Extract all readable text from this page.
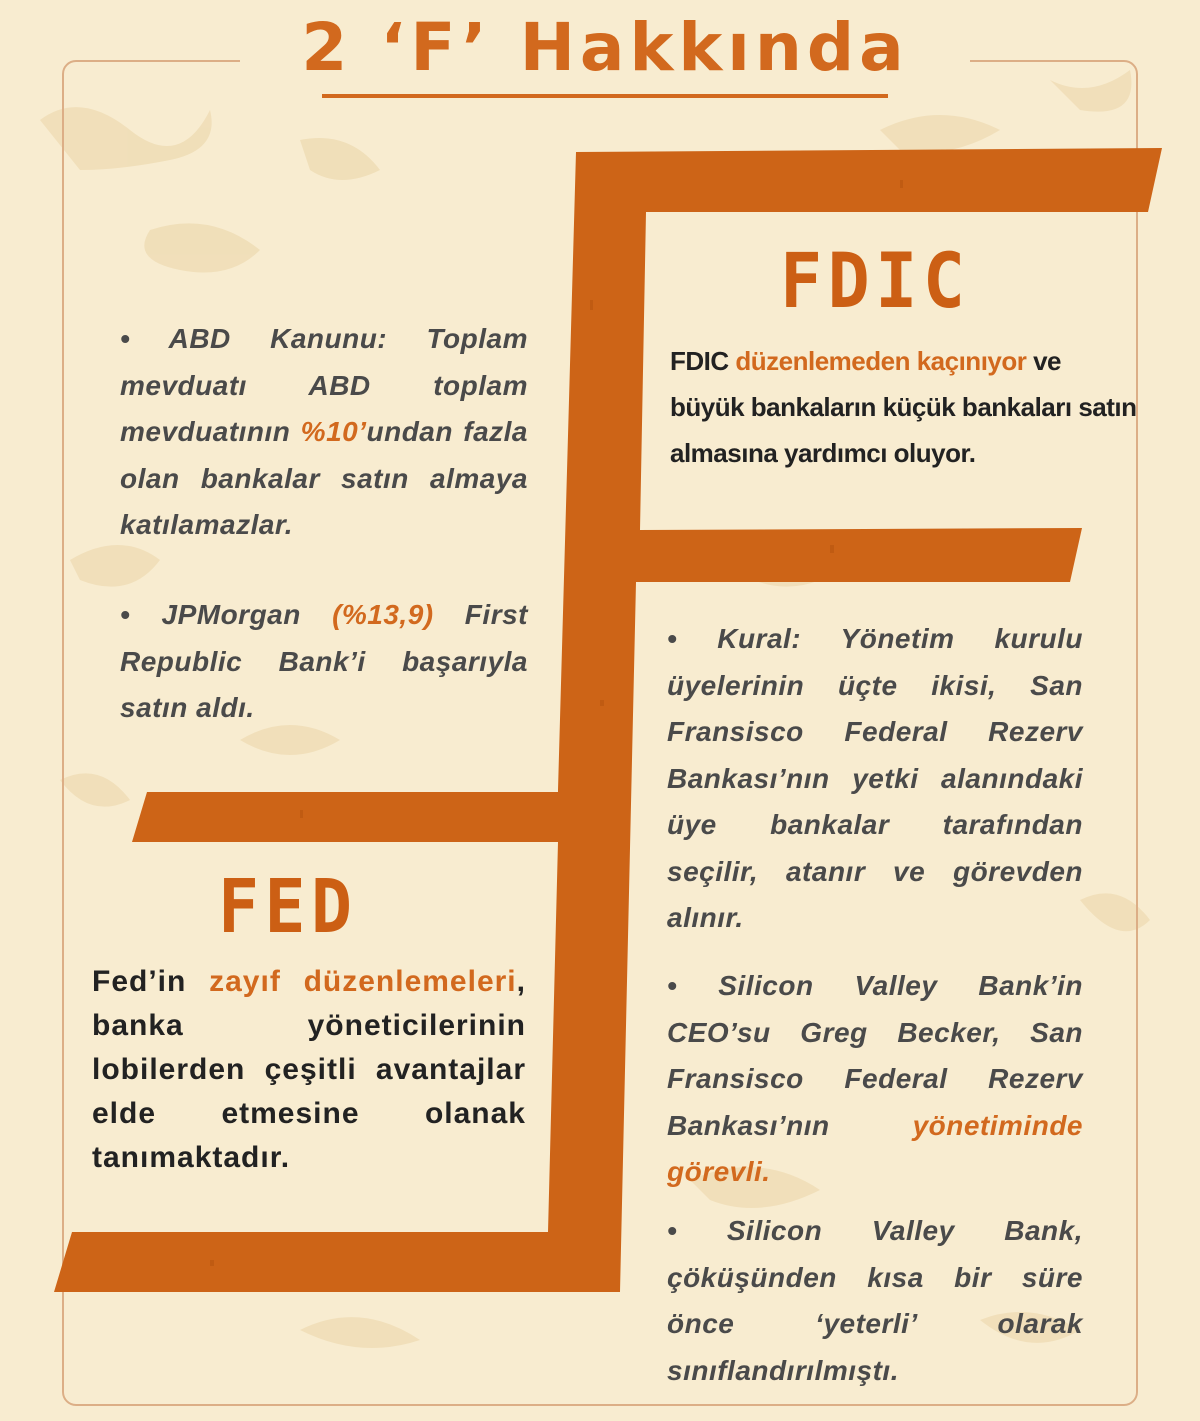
2 ‘F’ Hakkında
FDIC
FED

FDIC düzenlemeden kaçınıyor ve büyük bankaların küçük bankaları satın almasına yardımcı oluyor.

Fed’in zayıf düzenlemeleri, banka yöneticilerinin lobilerden çeşitli avantajlar elde etmesine olanak tanımaktadır.

• ABD Kanunu: Toplam mevduatı ABD toplam mevduatının %10’undan fazla olan bankalar satın almaya katılamazlar.

• JPMorgan (%13,9) First Republic Bank’i başarıyla satın aldı.

• Kural: Yönetim kurulu üyelerinin üçte ikisi, San Fransisco Federal Rezerv Bankası’nın yetki alanındaki üye bankalar tarafından seçilir, atanır ve görevden alınır.

• Silicon Valley Bank’in CEO’su Greg Becker, San Fransisco Federal Rezerv Bankası’nın yönetiminde görevli.

• Silicon Valley Bank, çöküşünden kısa bir süre önce ‘yeterli’ olarak sınıflandırılmıştı.
